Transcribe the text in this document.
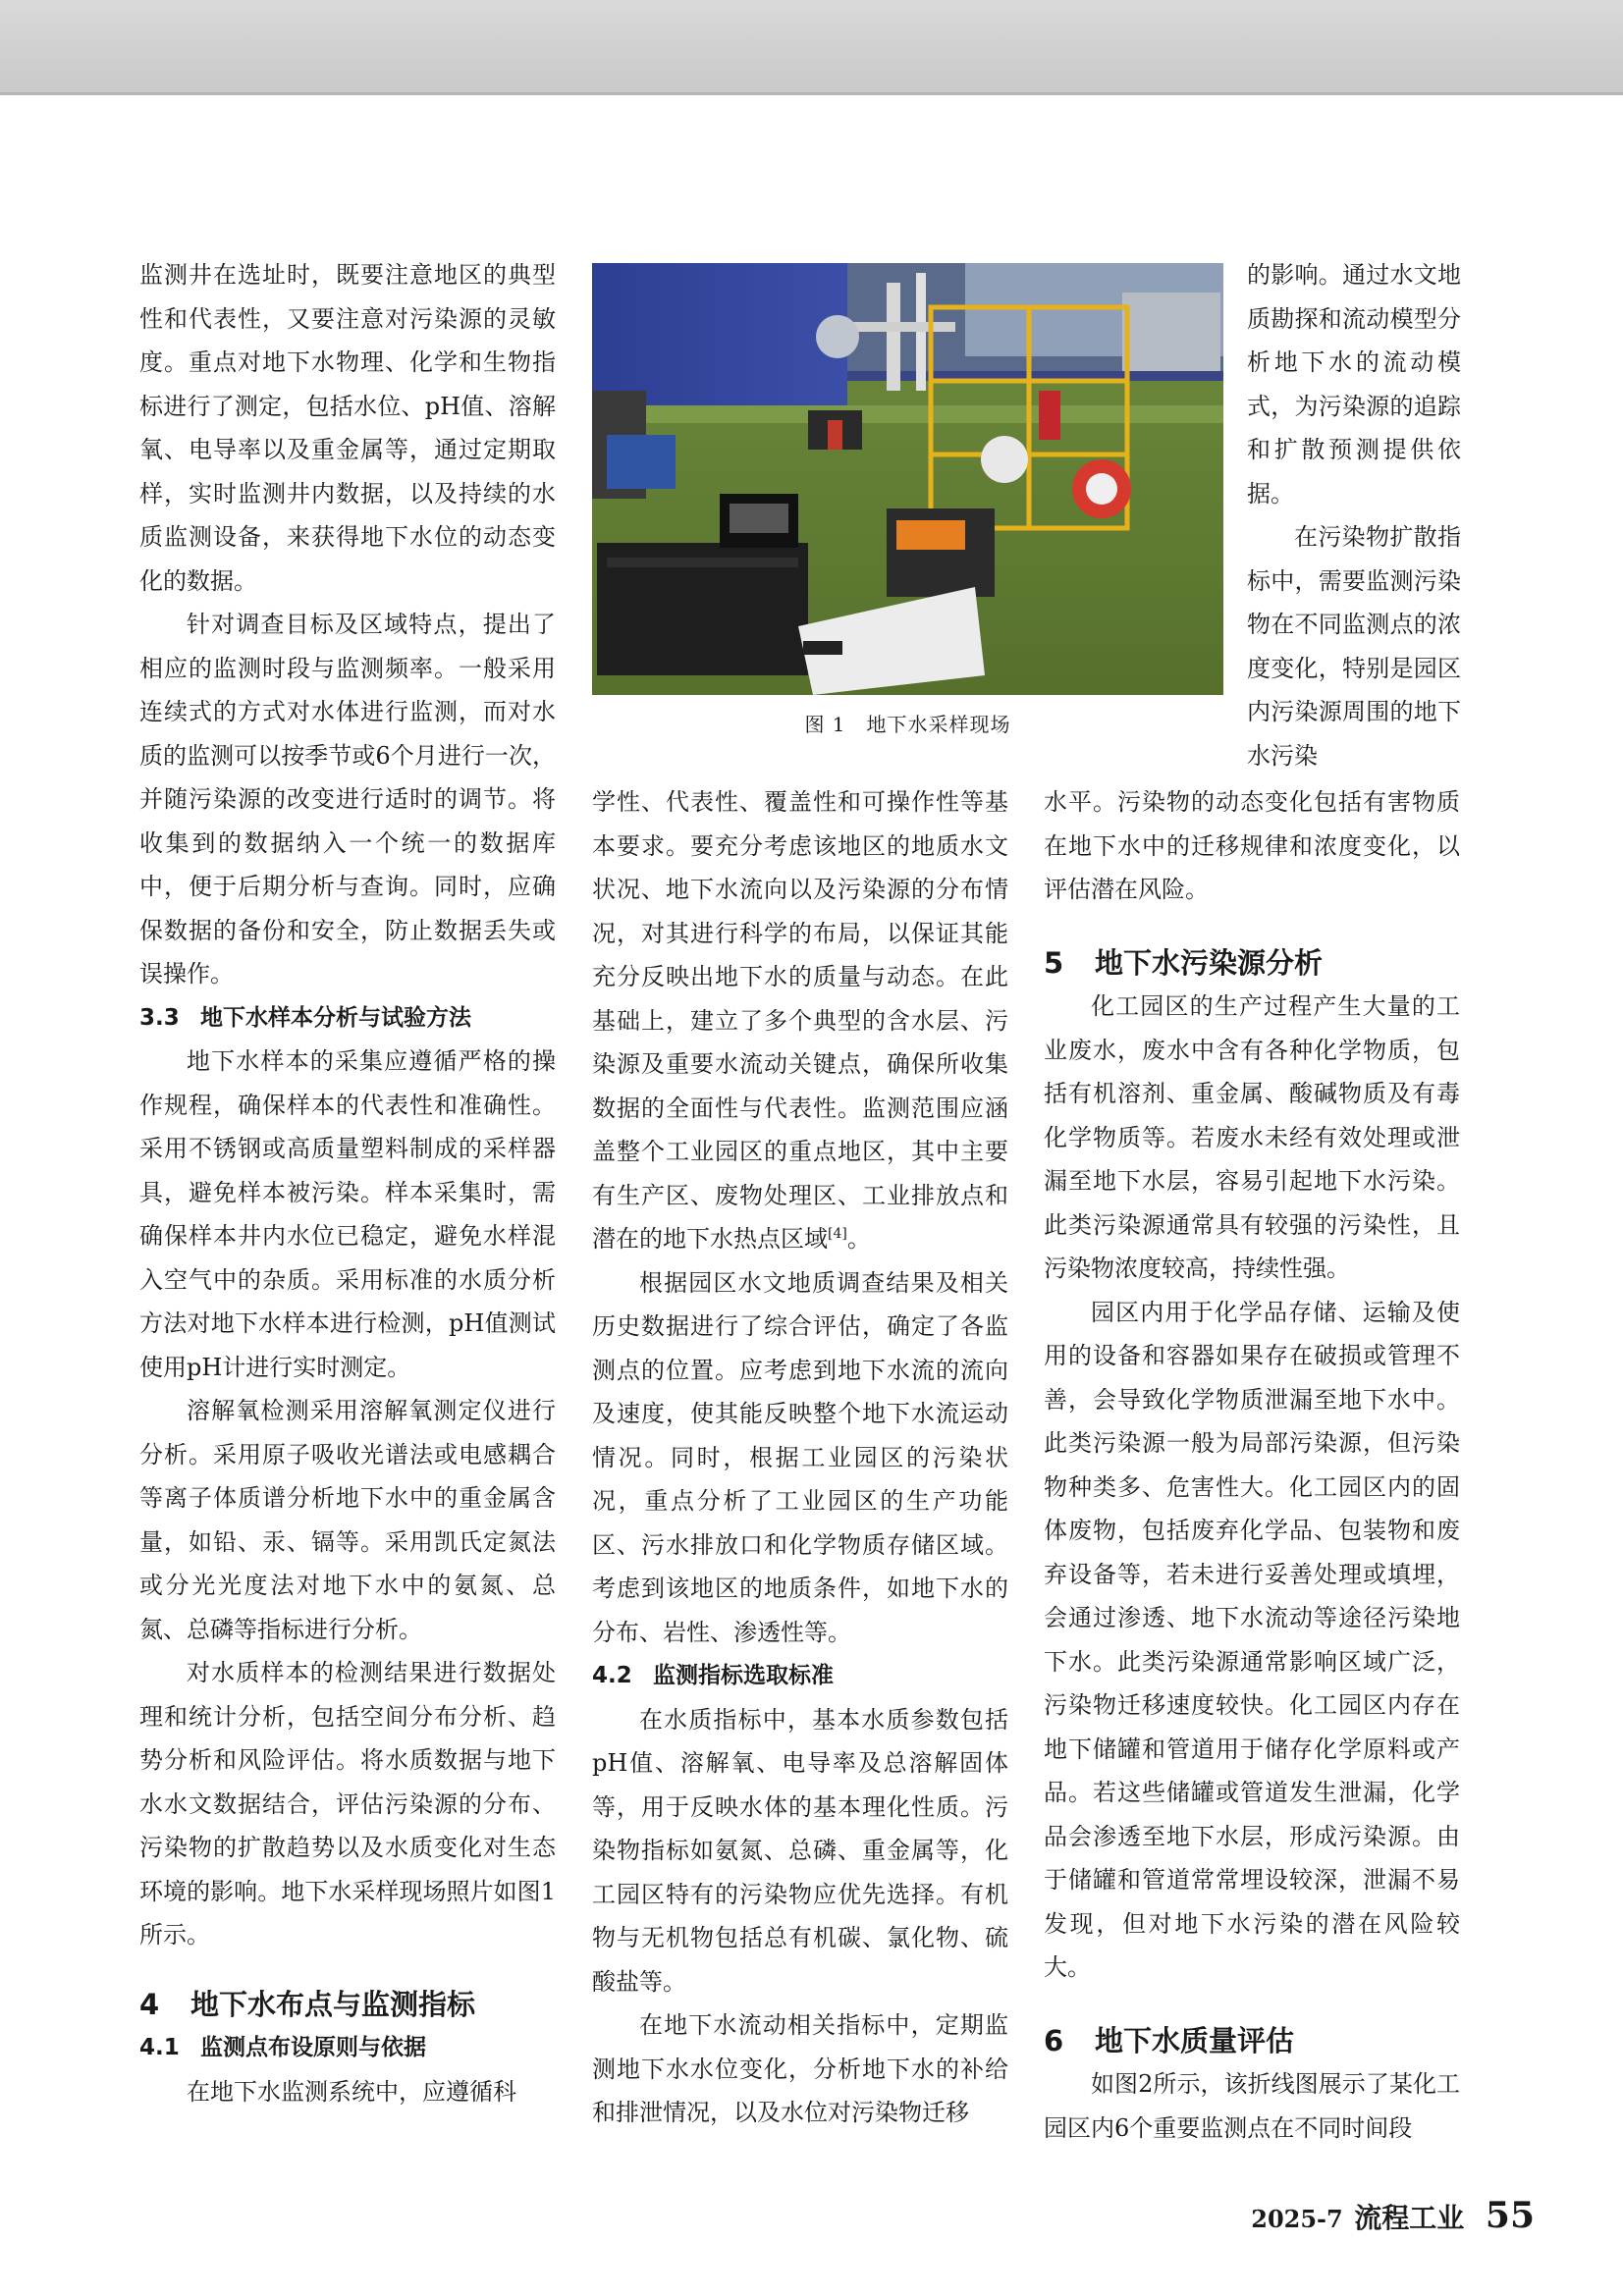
监测井在选址时，既要注意地区的典型性和代表性，又要注意对污染源的灵敏度。重点对地下水物理、化学和生物指标进行了测定，包括水位、pH值、溶解氧、电导率以及重金属等，通过定期取样，实时监测井内数据，以及持续的水质监测设备，来获得地下水位的动态变化的数据。

针对调查目标及区域特点，提出了相应的监测时段与监测频率。一般采用连续式的方式对水体进行监测，而对水质的监测可以按季节或6个月进行一次，并随污染源的改变进行适时的调节。将收集到的数据纳入一个统一的数据库中，便于后期分析与查询。同时，应确保数据的备份和安全，防止数据丢失或误操作。

3.3 地下水样本分析与试验方法

地下水样本的采集应遵循严格的操作规程，确保样本的代表性和准确性。采用不锈钢或高质量塑料制成的采样器具，避免样本被污染。样本采集时，需确保样本井内水位已稳定，避免水样混入空气中的杂质。采用标准的水质分析方法对地下水样本进行检测，pH值测试使用pH计进行实时测定。

溶解氧检测采用溶解氧测定仪进行分析。采用原子吸收光谱法或电感耦合等离子体质谱分析地下水中的重金属含量，如铅、汞、镉等。采用凯氏定氮法或分光光度法对地下水中的氨氮、总氮、总磷等指标进行分析。

对水质样本的检测结果进行数据处理和统计分析，包括空间分布分析、趋势分析和风险评估。将水质数据与地下水水文数据结合，评估污染源的分布、污染物的扩散趋势以及水质变化对生态环境的影响。地下水采样现场照片如图1所示。

4 地下水布点与监测指标

4.1 监测点布设原则与依据

在地下水监测系统中，应遵循科

图 1　地下水采样现场

学性、代表性、覆盖性和可操作性等基本要求。要充分考虑该地区的地质水文状况、地下水流向以及污染源的分布情况，对其进行科学的布局，以保证其能充分反映出地下水的质量与动态。在此基础上，建立了多个典型的含水层、污染源及重要水流动关键点，确保所收集数据的全面性与代表性。监测范围应涵盖整个工业园区的重点地区，其中主要有生产区、废物处理区、工业排放点和潜在的地下水热点区域[4]。

根据园区水文地质调查结果及相关历史数据进行了综合评估，确定了各监测点的位置。应考虑到地下水流的流向及速度，使其能反映整个地下水流运动情况。同时，根据工业园区的污染状况，重点分析了工业园区的生产功能区、污水排放口和化学物质存储区域。考虑到该地区的地质条件，如地下水的分布、岩性、渗透性等。

4.2 监测指标选取标准

在水质指标中，基本水质参数包括pH值、溶解氧、电导率及总溶解固体等，用于反映水体的基本理化性质。污染物指标如氨氮、总磷、重金属等，化工园区特有的污染物应优先选择。有机物与无机物包括总有机碳、氯化物、硫酸盐等。

在地下水流动相关指标中，定期监测地下水水位变化，分析地下水的补给和排泄情况，以及水位对污染物迁移

的影响。通过水文地质勘探和流动模型分析地下水的流动模式，为污染源的追踪和扩散预测提供依据。

在污染物扩散指标中，需要监测污染物在不同监测点的浓度变化，特别是园区内污染源周围的地下水污染

水平。污染物的动态变化包括有害物质在地下水中的迁移规律和浓度变化，以评估潜在风险。

5 地下水污染源分析

化工园区的生产过程产生大量的工业废水，废水中含有各种化学物质，包括有机溶剂、重金属、酸碱物质及有毒化学物质等。若废水未经有效处理或泄漏至地下水层，容易引起地下水污染。此类污染源通常具有较强的污染性，且污染物浓度较高，持续性强。

园区内用于化学品存储、运输及使用的设备和容器如果存在破损或管理不善，会导致化学物质泄漏至地下水中。此类污染源一般为局部污染源，但污染物种类多、危害性大。化工园区内的固体废物，包括废弃化学品、包装物和废弃设备等，若未进行妥善处理或填埋，会通过渗透、地下水流动等途径污染地下水。此类污染源通常影响区域广泛，污染物迁移速度较快。化工园区内存在地下储罐和管道用于储存化学原料或产品。若这些储罐或管道发生泄漏，化学品会渗透至地下水层，形成污染源。由于储罐和管道常常埋设较深，泄漏不易发现，但对地下水污染的潜在风险较大。

6 地下水质量评估

如图2所示，该折线图展示了某化工园区内6个重要监测点在不同时间段

2025-7 流程工业 55
